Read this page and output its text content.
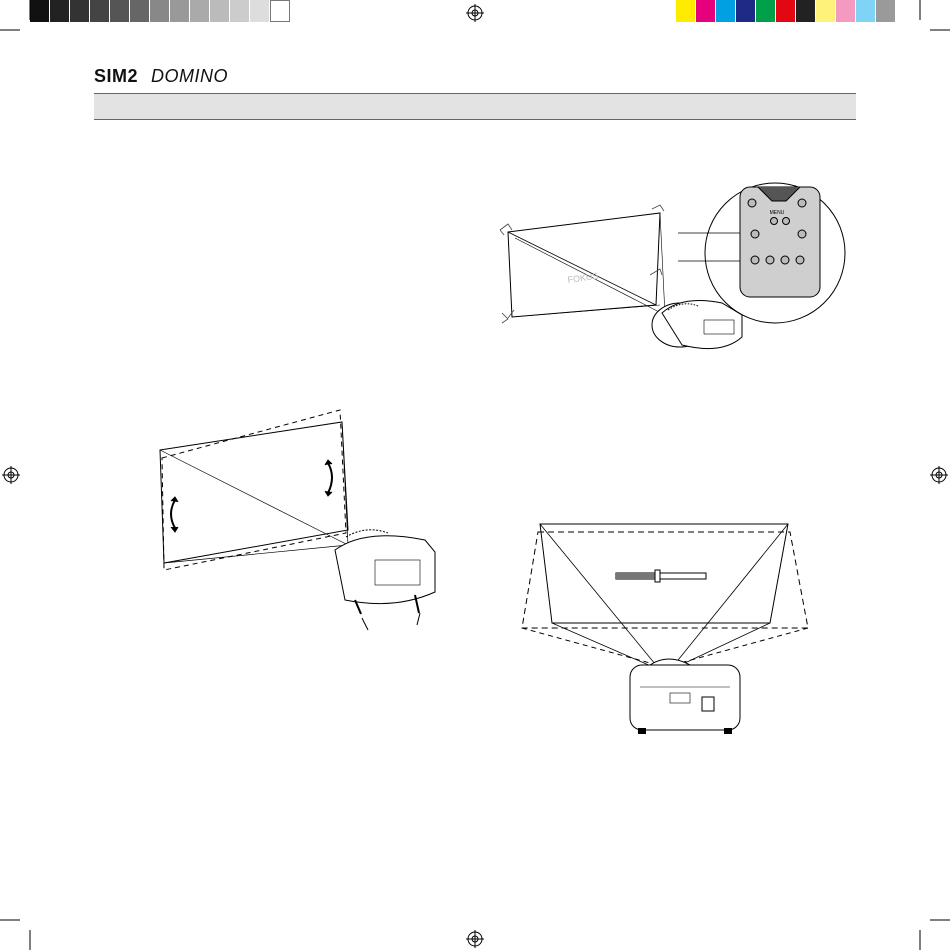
SIM2 DOMINO
FOKUS
MENU
